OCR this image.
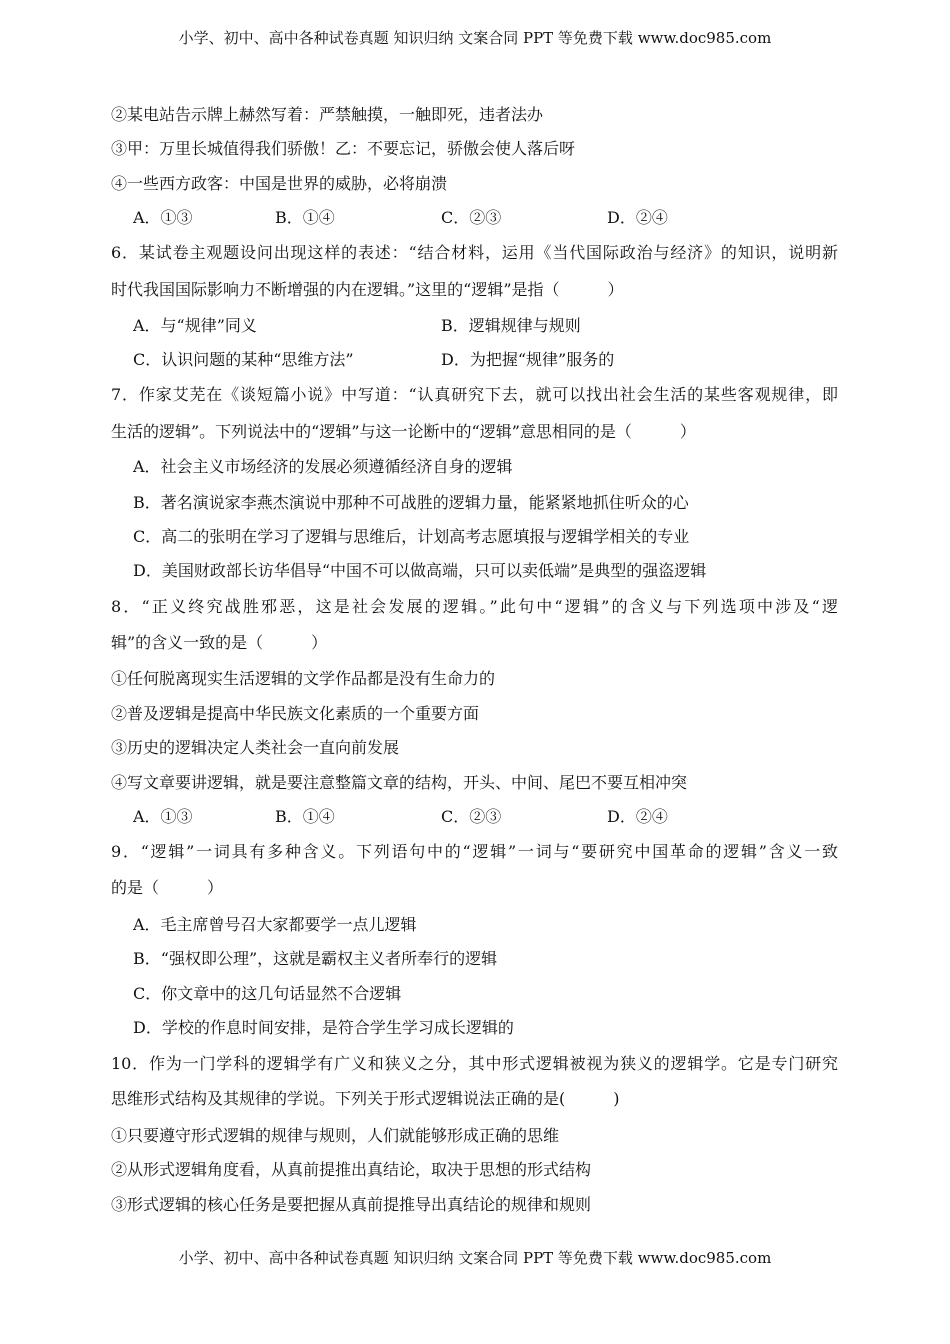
小学、初中、高中各种试卷真题 知识归纳 文案合同 PPT 等免费下载 www.doc985.com
②某电站告示牌上赫然写着：严禁触摸，一触即死，违者法办
③甲：万里长城值得我们骄傲！乙：不要忘记，骄傲会使人落后呀
④一些西方政客：中国是世界的威胁，必将崩溃
A．①③	B．①④	C．②③	D．②④
6．某试卷主观题设问出现这样的表述：“结合材料，运用《当代国际政治与经济》的知识，说明新
时代我国国际影响力不断增强的内在逻辑。”这里的“逻辑”是指（　　　）
A．与“规律”同义	B．逻辑规律与规则
C．认识问题的某种“思维方法”	D．为把握“规律”服务的
7．作家艾芜在《谈短篇小说》中写道：“认真研究下去，就可以找出社会生活的某些客观规律，即
生活的逻辑”。下列说法中的“逻辑”与这一论断中的“逻辑”意思相同的是（　　　）
A．社会主义市场经济的发展必须遵循经济自身的逻辑
B．著名演说家李燕杰演说中那种不可战胜的逻辑力量，能紧紧地抓住听众的心
C．高二的张明在学习了逻辑与思维后，计划高考志愿填报与逻辑学相关的专业
D．美国财政部长访华倡导“中国不可以做高端，只可以卖低端”是典型的强盗逻辑
8．“正义终究战胜邪恶，这是社会发展的逻辑。”此句中“逻辑”的含义与下列选项中涉及“逻
辑”的含义一致的是（　　　）
①任何脱离现实生活逻辑的文学作品都是没有生命力的
②普及逻辑是提高中华民族文化素质的一个重要方面
③历史的逻辑决定人类社会一直向前发展
④写文章要讲逻辑，就是要注意整篇文章的结构，开头、中间、尾巴不要互相冲突
A．①③	B．①④	C．②③	D．②④
9．“逻辑”一词具有多种含义。下列语句中的“逻辑”一词与“要研究中国革命的逻辑”含义一致
的是（　　　）
A．毛主席曾号召大家都要学一点儿逻辑
B．“强权即公理”，这就是霸权主义者所奉行的逻辑
C．你文章中的这几句话显然不合逻辑
D．学校的作息时间安排，是符合学生学习成长逻辑的
10．作为一门学科的逻辑学有广义和狭义之分，其中形式逻辑被视为狭义的逻辑学。它是专门研究
思维形式结构及其规律的学说。下列关于形式逻辑说法正确的是(　　　)
①只要遵守形式逻辑的规律与规则，人们就能够形成正确的思维
②从形式逻辑角度看，从真前提推出真结论，取决于思想的形式结构
③形式逻辑的核心任务是要把握从真前提推导出真结论的规律和规则
小学、初中、高中各种试卷真题 知识归纳 文案合同 PPT 等免费下载 www.doc985.com
